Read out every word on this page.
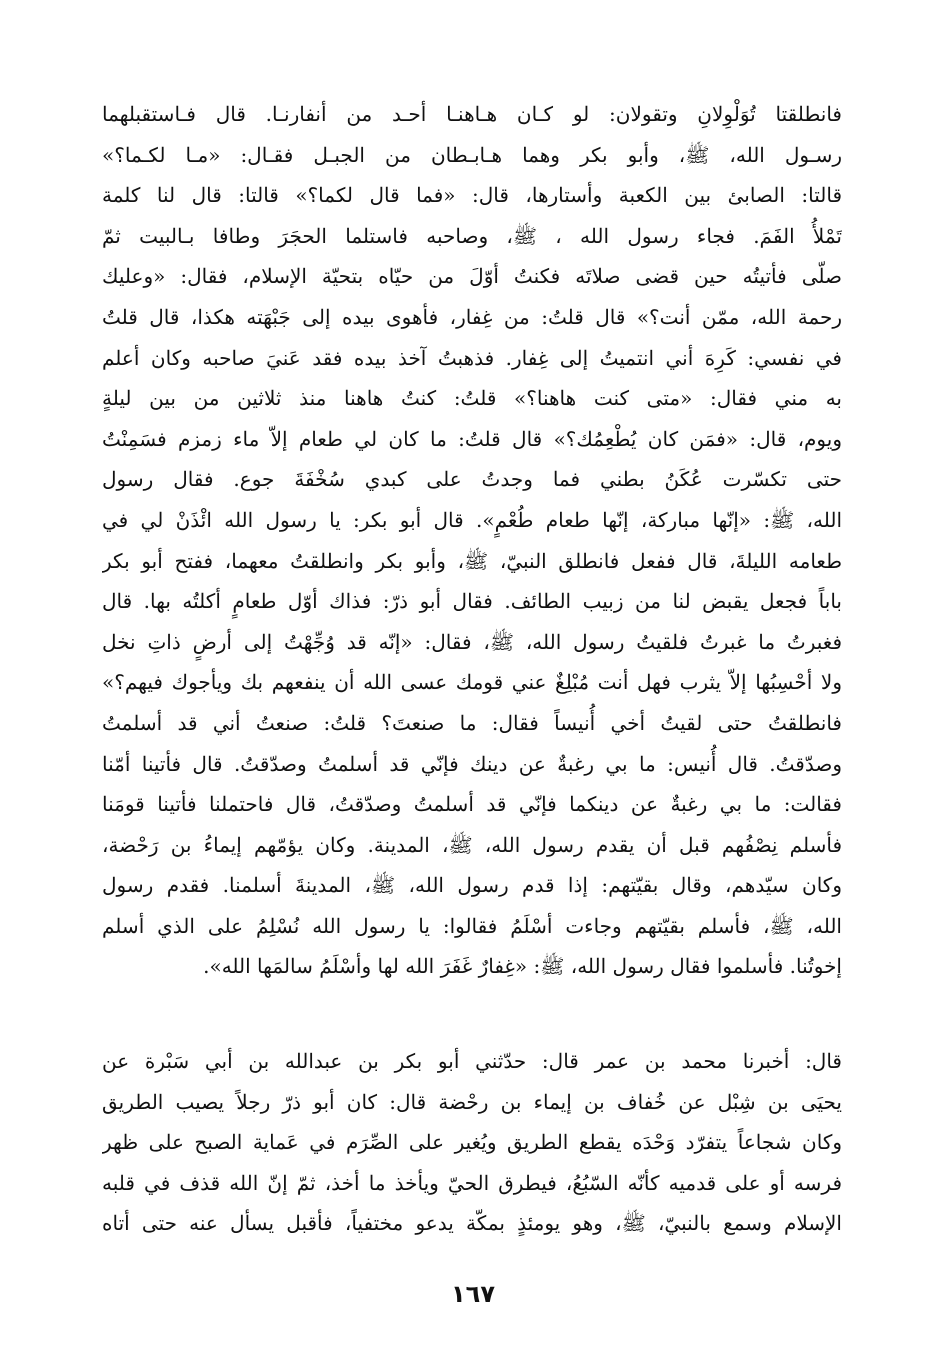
فانطلقتا تُوَلْوِلانِ وتقولان: لو كـان هـاهنـا أحـد من أنفارنـا. قال فـاستقبلهما
رسـول الله، ﷺ، وأبو بكر وهما هـابـطان من الجبـل فقـال: «مـا لكـما؟»
قالتا: الصابئ بين الكعبة وأستارها، قال: «فما قال لكما؟» قالتا: قال لنا كلمة
تَمْلأُ الفَمَ. فجاء رسول الله ، ﷺ، وصاحبه فاستلما الحجَرَ وطافا بـالبيت ثمّ
صلّى فأتيتُه حين قضى صلاتَه فكنتُ أوّلَ من حيّاه بتحيّة الإسلام، فقال: «وعليك
رحمة الله، ممّن أنت؟» قال قلتُ: من غِفار، فأهوى بيده إلى جَبْهَته هكذا، قال قلتُ
في نفسي: كَرِهَ أني انتميتُ إلى غِفار. فذهبتُ آخذ بيده فقد عَنيَ صاحبه وكان أعلم
به مني فقال: «متى كنت هاهنا؟» قلتُ: كنتُ هاهنا منذ ثلاثين من بين ليلةٍ
ويوم، قال: «فمَن كان يُطْعِمُك؟» قال قلتُ: ما كان لي طعام إلاّ ماء زمزم فسَمِنْتُ
حتى تكسّرت عُكَنُ بطني فما وجدتُ على كبدي سُخْفَةَ جوع. فقال رسول
الله، ﷺ: «إنّها مباركة، إنّها طعام طُعْمٍ». قال أبو بكر: يا رسول الله ائْذَنْ لي في
طعامه الليلةَ، قال ففعل فانطلق النبيّ، ﷺ، وأبو بكر وانطلقتُ معهما، ففتح أبو بكر
باباً فجعل يقبض لنا من زبيب الطائف. فقال أبو ذرّ: فذاك أوّل طعامٍ أكلتُه بها. قال
فغبرتُ ما غبرتُ فلقيتُ رسول الله، ﷺ، فقال: «إنّه قد وُجِّهْتُ إلى أرضٍ ذاتِ نخل
ولا أحْسِبُها إلاّ يثرب فهل أنت مُبْلِغٌ عني قومك عسى الله أن ينفعهم بك ويأجوك فيهم؟»
فانطلقتُ حتى لقيتُ أخي أُنيساً فقال: ما صنعتَ؟ قلتُ: صنعتُ أني قد أسلمتُ
وصدّقتُ. قال أُنيس: ما بي رغبةٌ عن دينك فإنّي قد أسلمتُ وصدّقتُ. قال فأتينا أمّنا
فقالت: ما بي رغبةٌ عن دينكما فإنّي قد أسلمتُ وصدّقتُ، قال فاحتملنا فأتينا قومَنا
فأسلم نِصْفُهم قبل أن يقدم رسول الله، ﷺ، المدينة. وكان يؤمّهم إيماءُ بن رَحْضة،
وكان سيّدهم، وقال بقيّتهم: إذا قدم رسول الله، ﷺ، المدينةَ أسلمنا. فقدم رسول
الله، ﷺ، فأسلم بقيّتهم وجاءت أسْلَمُ فقالوا: يا رسول الله نُسْلِمُ على الذي أسلم
إخوتُنا. فأسلموا فقال رسول الله، ﷺ: «غِفارٌ غَفَرَ الله لها وأسْلَمُ سالمَها الله».
قال: أخبرنا محمد بن عمر قال: حدّثني أبو بكر بن عبدالله بن أبي سَبْرة عن
يحيَى بن شِبْل عن خُفاف بن إيماء بن رحْضة قال: كان أبو ذرّ رجلاً يصيب الطريق
وكان شجاعاً يتفرّد وَحْدَه يقطع الطريق ويُغير على الصِّرَم في عَماية الصبح على ظهر
فرسه أو على قدميه كأنّه السّبُعُ، فيطرق الحيّ ويأخذ ما أخذ، ثمّ إنّ الله قذف في قلبه
الإسلام وسمع بالنبيّ، ﷺ، وهو يومئذٍ بمكّة يدعو مختفياً، فأقبل يسأل عنه حتى أتاه
١٦٧
